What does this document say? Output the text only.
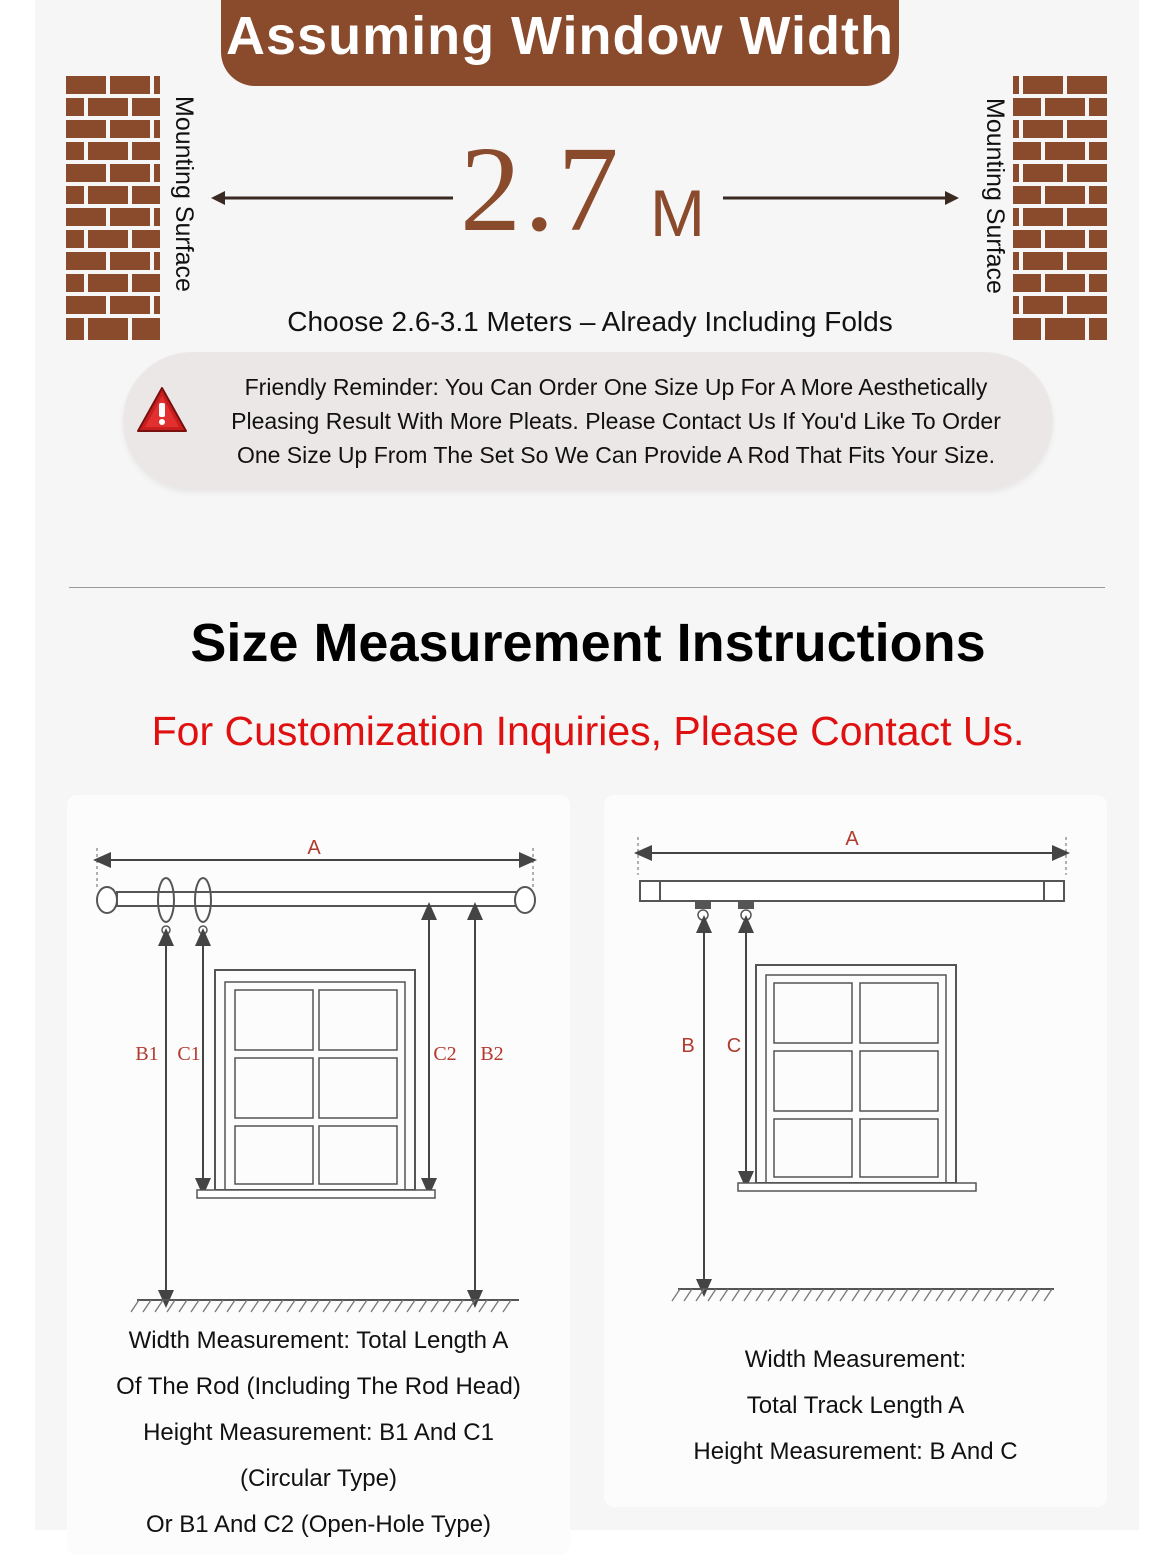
Assuming Window Width
Mounting Surface	Mounting Surface
2.7 M
Choose 2.6-3.1 Meters – Already Including Folds
Friendly Reminder: You Can Order One Size Up For A More Aesthetically
Pleasing Result With More Pleats. Please Contact Us If You'd Like To Order
One Size Up From The Set So We Can Provide A Rod That Fits Your Size.
Size Measurement Instructions
For Customization Inquiries, Please Contact Us.
A
B1 C1	C2 B2
Width Measurement: Total Length A
Of The Rod (Including The Rod Head)
Height Measurement: B1 And C1
(Circular Type)
Or B1 And C2 (Open-Hole Type)
A
B C
Width Measurement:
Total Track Length A
Height Measurement: B And C
